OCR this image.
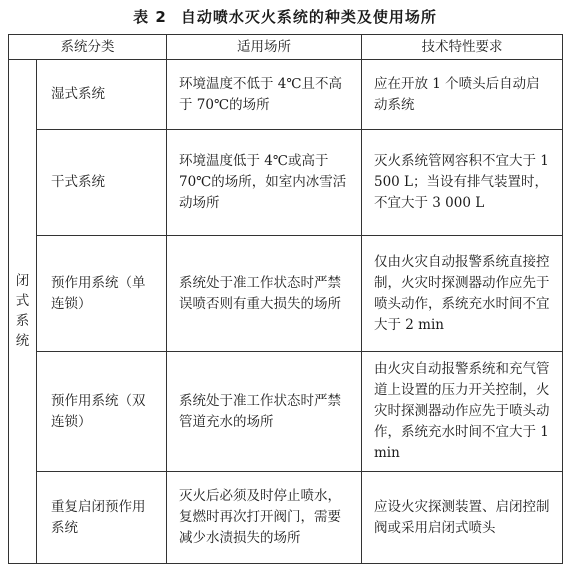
表 2 自动喷水灭火系统的种类及使用场所
系统分类		适用场所	技术特性要求
闭式系统	湿式系统	环境温度不低于 4℃且不高于 70℃的场所	应在开放 1 个喷头后自动启动系统

	干式系统	环境温度低于 4℃或高于 70℃的场所，如室内冰雪活动场所	灭火系统管网容积不宜大于 1 500 L；当设有排气装置时，不宜大于 3 000 L

	预作用系统（单连锁）	系统处于准工作状态时严禁误喷否则有重大损失的场所	仅由火灾自动报警系统直接控制，火灾时探测器动作应先于喷头动作，系统充水时间不宜大于 2 min

	预作用系统（双连锁）	系统处于准工作状态时严禁管道充水的场所	由火灾自动报警系统和充气管道上设置的压力开关控制，火灾时探测器动作应先于喷头动作，系统充水时间不宜大于 1 min

	重复启闭预作用系统	灭火后必须及时停止喷水，复燃时再次打开阀门，需要减少水渍损失的场所	应设火灾探测装置、启闭控制阀或采用启闭式喷头
